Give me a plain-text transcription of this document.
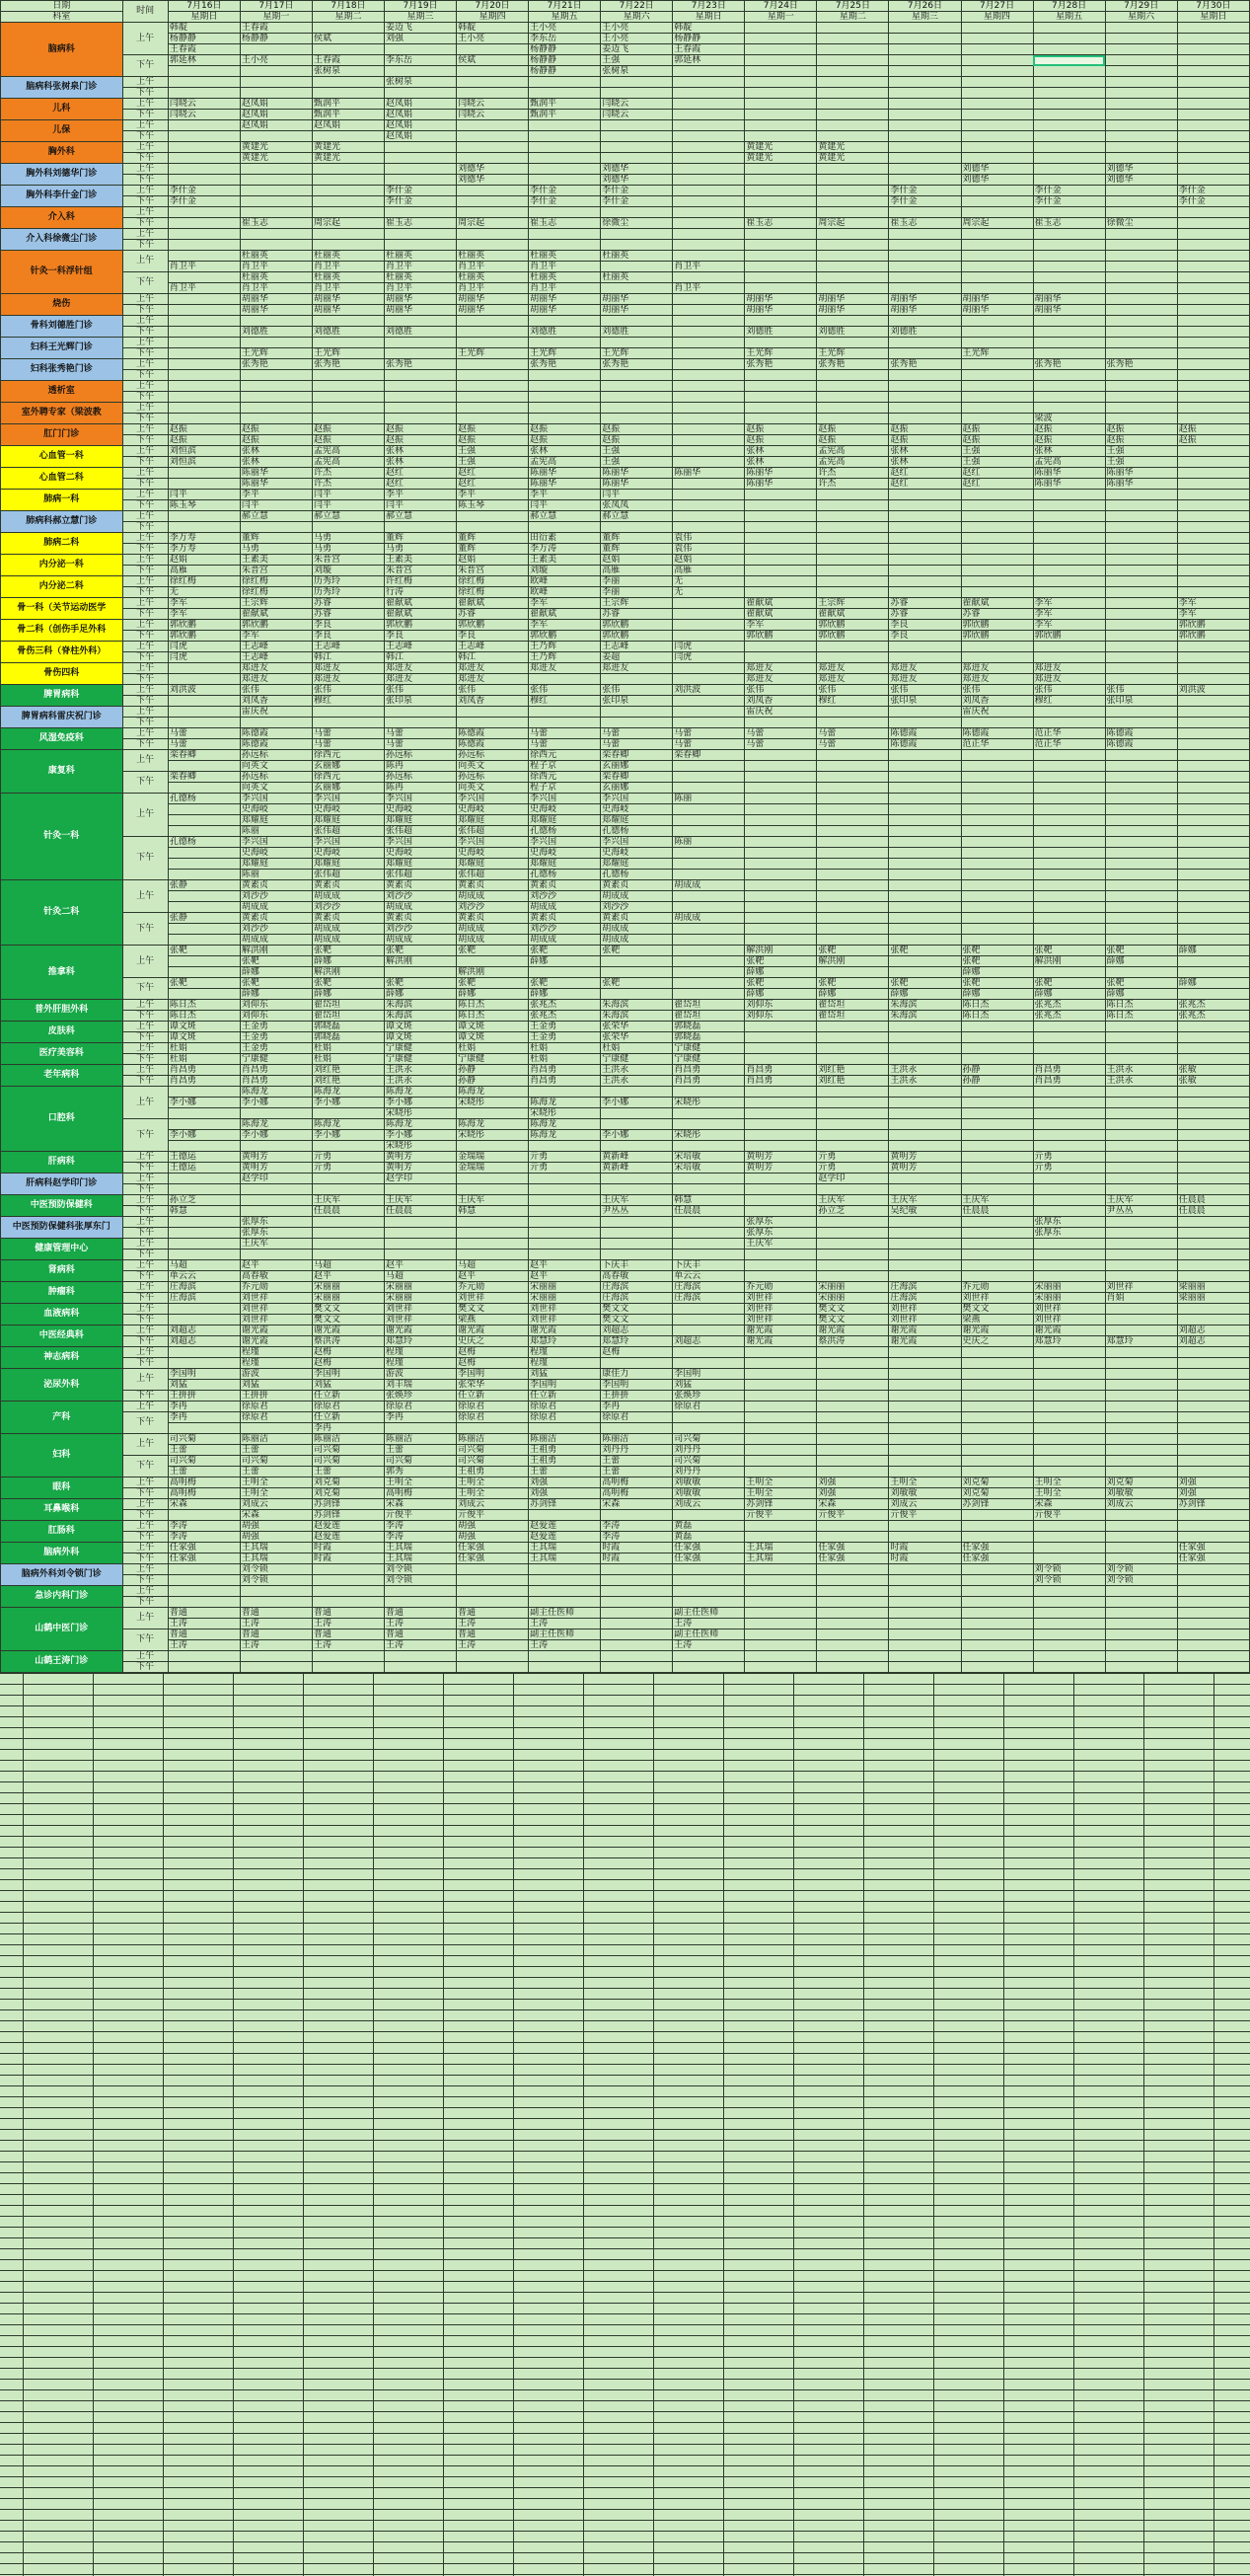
日期	时间	7月16日	7月17日	7月18日	7月19日	7月20日	7月21日	7月22日	7月23日	7月24日	7月25日	7月26日	7月27日	7月28日	7月29日	7月30日
科室		星期日	星期一	星期二	星期三	星期四	星期五	星期六	星期日	星期一	星期二	星期三	星期四	星期五	星期六	星期日
脑病科	上午	韩靛	王春霞		姜迈飞	韩靛	王小亮	王小亮	韩靛							
		杨静静	杨静静	侯斌	刘强	王小亮	李东岳	王小亮	杨静静							
		王春霞					杨静静	姜迈飞	王春霞							
	下午	郭延林	王小亮	王春霞	李东岳	侯斌	杨静静	王强	郭延林							
				张树泉			杨静静	张树泉								
脑病科张树泉门诊	上午				张树泉											
	下午															
儿科	上午	闫晓云	赵凤娟	甄润平	赵凤娟	闫晓云	甄润平	闫晓云								
	下午	闫晓云	赵凤娟	甄润平	赵凤娟	闫晓云	甄润平	闫晓云								
儿保	上午		赵凤娟	赵凤娟	赵凤娟											
	下午				赵凤娟											
胸外科	上午		黄建光	黄建光						黄建光	黄建光					
	下午		黄建光	黄建光						黄建光	黄建光					
胸外科刘德华门诊	上午					刘德华		刘德华					刘德华		刘德华	
	下午					刘德华		刘德华					刘德华		刘德华	
胸外科李什金门诊	上午	李什金			李什金		李什金	李什金				李什金		李什金		李什金
	下午	李什金			李什金		李什金	李什金				李什金		李什金		李什金
介入科	上午															
	下午		崔玉志	周宗起	崔玉志	周宗起	崔玉志	徐微尘		崔玉志	周宗起	崔玉志	周宗起	崔玉志	徐微尘	
介入科徐微尘门诊	上午															
	下午															
针灸一科浮针组	上午		杜丽英	杜丽英	杜丽英	杜丽英	杜丽英	杜丽英								
		肖卫平	肖卫平	肖卫平	肖卫平	肖卫平	肖卫平		肖卫平							
	下午		杜丽英	杜丽英	杜丽英	杜丽英	杜丽英	杜丽英								
		肖卫平	肖卫平	肖卫平	肖卫平	肖卫平	肖卫平		肖卫平							
烧伤	上午		胡丽华	胡丽华	胡丽华	胡丽华	胡丽华	胡丽华		胡丽华	胡丽华	胡丽华	胡丽华	胡丽华		
	下午		胡丽华	胡丽华	胡丽华	胡丽华	胡丽华	胡丽华		胡丽华	胡丽华	胡丽华	胡丽华	胡丽华		
骨科刘德胜门诊	上午															
	下午		刘德胜	刘德胜	刘德胜		刘德胜	刘德胜		刘德胜	刘德胜	刘德胜				
妇科王光辉门诊	上午															
	下午		王光辉	王光辉		王光辉	王光辉	王光辉		王光辉	王光辉		王光辉			
妇科张秀艳门诊	上午		张秀艳	张秀艳	张秀艳		张秀艳	张秀艳		张秀艳	张秀艳	张秀艳		张秀艳	张秀艳	
	下午															
透析室	上午															
	下午															
室外聘专家（梁波教	上午															
	下午													梁波		
肛门门诊	上午	赵振	赵振	赵振	赵振	赵振	赵振	赵振		赵振	赵振	赵振	赵振	赵振	赵振	赵振
	下午	赵振	赵振	赵振	赵振	赵振	赵振	赵振		赵振	赵振	赵振	赵振	赵振	赵振	赵振
心血管一科	上午	刘恒滨	张林	孟宪高	张林	王强	张林	王强		张林	孟宪高	张林	王强	张林	王强	
	下午	刘恒滨	张林	孟宪高	张林	王强	孟宪高	王强		张林	孟宪高	张林	王强	孟宪高	王强	
心血管二科	上午		陈丽华	许杰	赵红	赵红	陈丽华	陈丽华	陈丽华	陈丽华	许杰	赵红	赵红	陈丽华	陈丽华	
	下午		陈丽华	许杰	赵红	赵红	陈丽华	陈丽华		陈丽华	许杰	赵红	赵红	陈丽华	陈丽华	
肺病一科	上午	闫平	李平	闫平	李平	李平	李平	闫平								
	下午	陈玉琴	闫平	闫平	闫平	陈玉琴	闫平	张凤凤								
肺病科郝立慧门诊	上午		郝立慧	郝立慧	郝立慧		郝立慧	郝立慧								
	下午															
肺病二科	上午	李万寿	董辉	马勇	董辉	董辉	田衍素	董辉	袁伟							
	下午	李万寿	马勇	马勇	马勇	董辉	李万涛	董辉	袁伟							
内分泌一科	上午	赵娟	王素美	朱晋宫	王素美	赵娟	王素美	赵娟	赵娟							
	下午	高雁	朱晋宫	刘璇	朱晋宫	朱晋宫	刘璇	高雁	高雁							
内分泌二科	上午	徐红梅	徐红梅	历秀玲	许红梅	徐红梅	欧峰	李丽	无							
	下午	无	徐红梅	历秀玲	行涛	徐红梅	欧峰	李丽	无							
骨一科（关节运动医学	上午	李军	王宗辉	苏睿	翟献斌	翟献斌	李军	王宗辉		翟献斌	王宗辉	苏睿	翟献斌	李军		李军
	下午	李军	翟献斌	苏睿	翟献斌	苏睿	翟献斌	苏睿		翟献斌	翟献斌	苏睿	苏睿	李军		李军
骨二科（创伤手足外科	上午	郭欣鹏	郭欣鹏	李良	郭欣鹏	郭欣鹏	李军	郭欣鹏		李军	郭欣鹏	李良	郭欣鹏	李军		郭欣鹏
	下午	郭欣鹏	李军	李良	李良	李良	郭欣鹏	郭欣鹏		郭欣鹏	郭欣鹏	李良	郭欣鹏	郭欣鹏		郭欣鹏
骨伤三科（脊柱外科）	上午	闫虎	王志峰	王志峰	王志峰	王志峰	王乃辉	王志峰	闫虎							
	下午	闫虎	王志峰	韩江	韩江	韩江	王乃辉	姜超	闫虎							
骨伤四科	上午		郑进友	郑进友	郑进友	郑进友	郑进友	郑进友		郑进友	郑进友	郑进友	郑进友	郑进友		
	下午		郑进友	郑进友	郑进友	郑进友				郑进友	郑进友	郑进友	郑进友	郑进友		
脾胃病科	上午	刘洪波	张伟	张伟	张伟	张伟	张伟	张伟	刘洪波	张伟	张伟	张伟	张伟	张伟	张伟	刘洪波
	下午		刘凤香	穆红	张印泉	刘凤香	穆红	张印泉		刘凤香	穆红	张印泉	刘凤香	穆红	张印泉	
脾胃病科雷庆祝门诊	上午		雷庆祝							雷庆祝			雷庆祝			
	下午															
风湿免疫科	上午	马蕾	陈德霞	马蕾	马蕾	陈德霞	马蕾	马蕾	马蕾	马蕾	马蕾	陈德霞	陈德霞	范正华	陈德霞	
	下午	马蕾	陈德霞	马蕾	马蕾	陈德霞	马蕾	马蕾	马蕾	马蕾	马蕾	陈德霞	范正华	范正华	陈德霞	
康复科	上午	栾春卿	孙远标	徐西元	孙远标	孙远标	徐西元	栾春卿	栾春卿							
			向英文	玄丽娜	陈冉	向英文	程子京	玄丽娜								
	下午	栾春卿	孙远标	徐西元	孙远标	孙远标	徐西元	栾春卿								
			向英文	玄丽娜	陈冉	向英文	程子京	玄丽娜								
针灸一科	上午	孔德杨	李兴国	李兴国	李兴国	李兴国	李兴国	李兴国	陈丽							
			史海岐	史海岐	史海岐	史海岐	史海岐	史海岐								
			郑耀庭	郑耀庭	郑耀庭	郑耀庭	郑耀庭	郑耀庭								
			陈丽	张伟超	张伟超	张伟超	孔德杨	孔德杨								
	下午	孔德杨	李兴国	李兴国	李兴国	李兴国	李兴国	李兴国	陈丽							
			史海岐	史海岐	史海岐	史海岐	史海岐	史海岐								
			郑耀庭	郑耀庭	郑耀庭	郑耀庭	郑耀庭	郑耀庭								
			陈丽	张伟超	张伟超	张伟超	孔德杨	孔德杨								
针灸二科	上午	张静	黄素贞	黄素贞	黄素贞	黄素贞	黄素贞	黄素贞	胡成成							
			刘沙沙	胡成成	刘沙沙	胡成成	刘沙沙	胡成成								
			胡成成	刘沙沙	胡成成	刘沙沙	胡成成	刘沙沙								
	下午	张静	黄素贞	黄素贞	黄素贞	黄素贞	黄素贞	黄素贞	胡成成							
			刘沙沙	胡成成	刘沙沙	胡成成	刘沙沙	胡成成								
			胡成成	胡成成	胡成成	胡成成	胡成成	胡成成								
推拿科	上午	张靶	解洪刚	张靶	张靶	张靶	张靶	张靶		解洪刚	张靶	张靶	张靶	张靶	张靶	薛娜
			张靶	薛娜	解洪刚		薛娜			张靶	解洪刚		张靶	解洪刚	薛娜	
			薛娜	解洪刚		解洪刚				薛娜			薛娜			
	下午	张靶	张靶	张靶	张靶	张靶	张靶	张靶		张靶	张靶	张靶	张靶	张靶	张靶	薛娜
			薛娜	薛娜	薛娜	薛娜	薛娜			薛娜	薛娜	薛娜	薛娜	薛娜	薛娜	
普外肝胆外科	上午	陈日杰	刘仰东	翟岱坦	朱海滨	陈日杰	张兆杰	朱海滨	翟岱坦	刘仰东	翟岱坦	朱海滨	陈日杰	张兆杰	陈日杰	张兆杰
	下午	陈日杰	刘仰东	翟岱坦	朱海滨	陈日杰	张兆杰	朱海滨	翟岱坦	刘仰东	翟岱坦	朱海滨	陈日杰	张兆杰	陈日杰	张兆杰
皮肤科	上午	谭文斑	王金勇	郭晓磊	谭文斑	谭文斑	王金勇	张荣华	郭晓磊							
	下午	谭文斑	王金勇	郭晓磊	谭文斑	谭文斑	王金勇	张荣华	郭晓磊							
医疗美容科	上午	杜娟	王金勇	杜娟	宁康健	杜娟	杜娟	杜娟	宁康健							
	下午	杜娟	宁康健	杜娟	宁康健	宁康健	杜娟	宁康健	宁康健							
老年病科	上午	肖昌勇	肖昌勇	刘红艳	王洪永	孙静	肖昌勇	王洪永	肖昌勇	肖昌勇	刘红艳	王洪永	孙静	肖昌勇	王洪永	张敏
	下午	肖昌勇	肖昌勇	刘红艳	王洪永	孙静	肖昌勇	王洪永	肖昌勇	肖昌勇	刘红艳	王洪永	孙静	肖昌勇	王洪永	张敏
口腔科	上午		陈海龙	陈海龙	陈海龙	陈海龙										
		李小娜	李小娜	李小娜	李小娜	宋晓彤	陈海龙	李小娜	宋晓彤							
					宋晓彤		宋晓彤									
	下午		陈海龙	陈海龙	陈海龙	陈海龙	陈海龙									
		李小娜	李小娜	李小娜	李小娜	宋晓彤	陈海龙	李小娜	宋晓彤							
					宋晓彤											
肝病科	上午	王德运	黄明芳	亓勇	黄明芳	金瑞瑞	亓勇	黄新峰	宋培敏	黄明芳	亓勇	黄明芳		亓勇		
	下午	王德运	黄明芳	亓勇	黄明芳	金瑞瑞	亓勇	黄新峰	宋培敏	黄明芳	亓勇	黄明芳		亓勇		
肝病科赵学印门诊	上午		赵学印		赵学印						赵学印					
	下午															
中医预防保健科	上午	孙立芝		王庆军	王庆军	王庆军		王庆军	韩慧		王庆军	王庆军	王庆军		王庆军	任晨晨
	下午	韩慧		任晨晨	任晨晨	韩慧		尹丛丛	任晨晨		孙立芝	吴纪敏	任晨晨		尹丛丛	任晨晨
中医预防保健科张厚东门	上午		张厚东							张厚东				张厚东		
	下午		张厚东							张厚东				张厚东		
健康管理中心	上午		王庆军							王庆军						
	下午															
肾病科	上午	马超	赵平	马超	赵平	马超	赵平	卜庆丰	卜庆丰							
	下午	单云云	高春敏	赵平	马超	赵平	赵平	高春敏	单云云							
肿瘤科	上午	庄海滨	乔元勋	宋丽丽	宋丽丽	乔元勋	宋丽丽	庄海滨	庄海滨	乔元勋	宋丽丽	庄海滨	乔元勋	宋丽丽	刘世祥	梁丽丽
	下午	庄海滨	刘世祥	宋丽丽	宋丽丽	刘世祥	宋丽丽	庄海滨	庄海滨	刘世祥	宋丽丽	庄海滨	刘世祥	宋丽丽	肖娟	梁丽丽
血液病科	上午		刘世祥	樊文文	刘世祥	樊文文	刘世祥	樊文文		刘世祥	樊文文	刘世祥	樊文文	刘世祥		
	下午		刘世祥	樊文文	刘世祥	梁燕	刘世祥	樊文文		刘世祥	樊文文	刘世祥	梁燕	刘世祥		
中医经典科	上午	刘超志	谢光霞	谢光霞	谢光霞	谢光霞	谢光霞	刘超志		谢光霞	谢光霞	谢光霞	谢光霞	谢光霞		刘超志
	下午	刘超志	谢光霞	蔡洪涛	郑慧玲	史庆之	郑慧玲	郑慧玲	刘超志	谢光霞	蔡洪涛	谢光霞	史庆之	郑慧玲	郑慧玲	刘超志
神志病科	上午		程瑾	赵梅	程瑾	赵梅	程瑾	赵梅								
	下午		程瑾	赵梅	程瑾	赵梅	程瑾									
泌尿外科	上午	李国明	游波	李国明	游波	李国明	刘猛	康佳力	李国明							
		刘猛	刘猛	刘猛	刘丰瑞	张荣华	李国明	李国明	刘猛							
	下午	王拼拼	王拼拼	任立新	张焕珍	任立新	任立新	王拼拼	张焕珍							
产科	上午	李冉	徐原君	徐原君	徐原君	徐原君	徐原君	李冉	徐原君							
	下午	李冉	徐原君	任立新	李冉	徐原君	徐原君	徐原君								
				李冉												
妇科	上午	司兴菊	陈丽洁	陈丽洁	陈丽洁	陈丽洁	陈丽洁	陈丽洁	司兴菊							
		王蕾	王蕾	司兴菊	王蕾	司兴菊	王祖勇	刘丹丹	刘丹丹							
	下午	司兴菊	司兴菊	司兴菊	司兴菊	司兴菊	王祖勇	王蕾	司兴菊							
		王蕾	王蕾	王蕾	郭秀	王祖勇	王蕾	王蕾	刘丹丹							
眼科	上午	高明梅	王明全	刘克菊	王明全	王明全	刘强	高明梅	刘敏敏	王明全	刘强	王明全	刘克菊	王明全	刘克菊	刘强
	下午	高明梅	王明全	刘克菊	高明梅	王明全	刘强	高明梅	刘敏敏	王明全	刘强	刘敏敏	刘克菊	王明全	刘敏敏	刘强
耳鼻喉科	上午	宋森	刘成云	苏剑锋	宋森	刘成云	苏剑锋	宋森	刘成云	苏剑锋	宋森	刘成云	苏剑锋	宋森	刘成云	苏剑锋
	下午		宋森	苏剑锋	亓俊平	亓俊平				亓俊平	亓俊平	亓俊平		亓俊平		
肛肠科	上午	李涛	胡强	赵爱莲	李涛	胡强	赵爱莲	李涛	黄磊							
	下午	李涛	胡强	赵爱莲	李涛	胡强	赵爱莲	李涛	黄磊							
脑病外科	上午	任家强	王其瑞	时霞	王其瑞	任家强	王其瑞	时霞	任家强	王其瑞	任家强	时霞	任家强			任家强
	下午	任家强	王其瑞	时霞	王其瑞	任家强	王其瑞	时霞	任家强	王其瑞	任家强	时霞	任家强			任家强
脑病外科刘令锁门诊	上午		刘令锁		刘令锁									刘令锁	刘令锁	
	下午		刘令锁		刘令锁									刘令锁	刘令锁	
急诊内科门诊	上午															
	下午															
山鹤中医门诊	上午	普通	普通	普通	普通	普通	副主任医师		副主任医师							
		王涛	王涛	王涛	王涛	王涛	王涛		王涛							
	下午	普通	普通	普通	普通	普通	副主任医师		副主任医师							
		王涛	王涛	王涛	王涛	王涛	王涛		王涛							
山鹤王涛门诊	上午															
	下午															
